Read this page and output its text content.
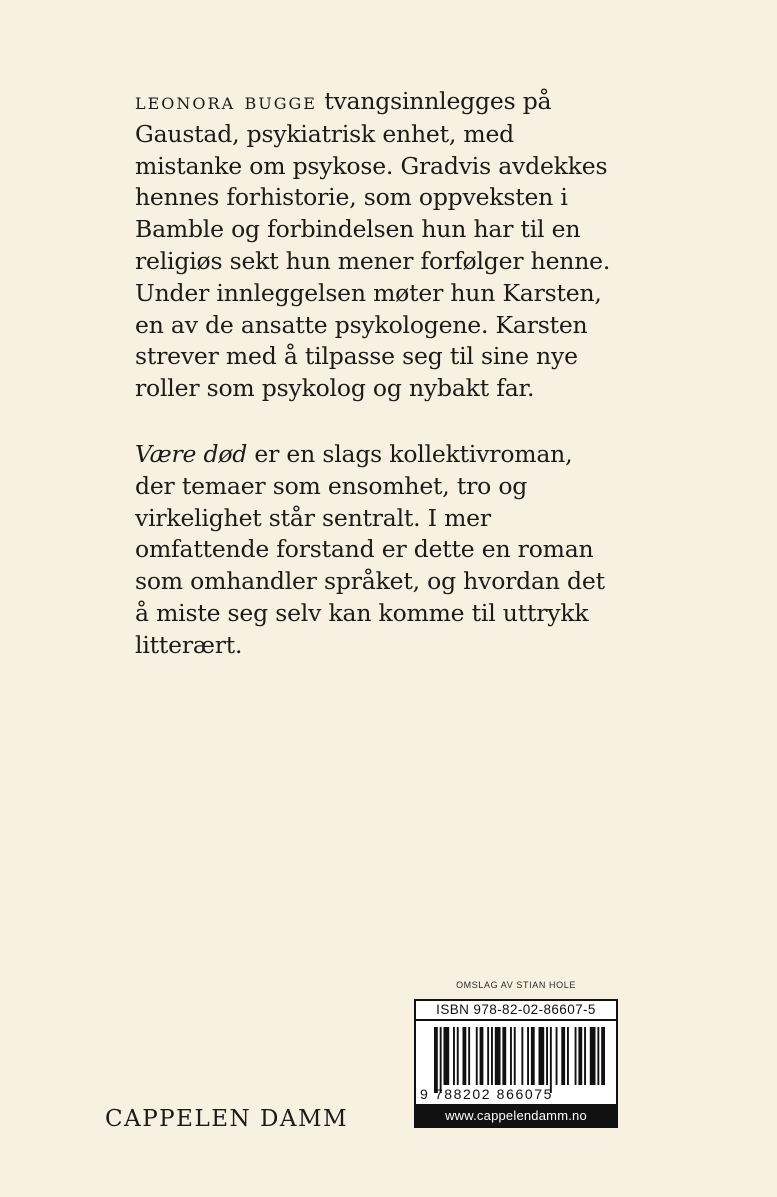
leonora bugge tvangsinnlegges på Gaustad, psykiatrisk enhet, med mistanke om psykose. Gradvis avdekkes hennes forhistorie, som oppveksten i Bamble og forbindelsen hun har til en religiøs sekt hun mener forfølger henne. Under innleggelsen møter hun Karsten, en av de ansatte psykologene. Karsten strever med å tilpasse seg til sine nye roller som psykolog og nybakt far.

Være død er en slags kollektivroman, der temaer som ensomhet, tro og virkelighet står sentralt. I mer omfattende forstand er dette en roman som omhandler språket, og hvordan det å miste seg selv kan komme til uttrykk litterært.

OMSLAG AV STIAN HOLE
ISBN 978-82-02-86607-5
9 788202 866075
www.cappelendamm.no
CAPPELEN DAMM
